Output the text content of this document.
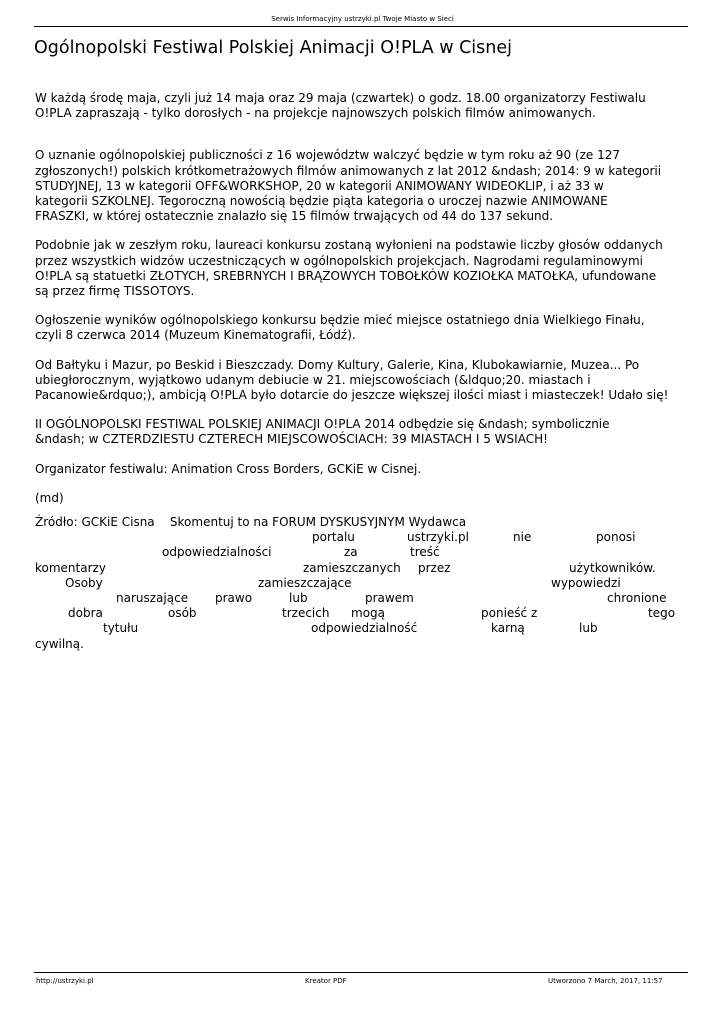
Serwis Informacyjny ustrzyki.pl Twoje Miasto w Sieci
Ogólnopolski Festiwal Polskiej Animacji O!PLA w Cisnej

W każdą środę maja, czyli już 14 maja oraz 29 maja (czwartek) o godz. 18.00 organizatorzy Festiwalu
O!PLA zapraszają - tylko dorosłych - na projekcje najnowszych polskich filmów animowanych.

O uznanie ogólnopolskiej publiczności z 16 województw walczyć będzie w tym roku aż 90 (ze 127
zgłoszonych!) polskich krótkometrażowych filmów animowanych z lat 2012 &ndash; 2014: 9 w kategorii
STUDYJNEJ, 13 w kategorii OFF&WORKSHOP, 20 w kategorii ANIMOWANY WIDEOKLIP, i aż 33 w
kategorii SZKOLNEJ. Tegoroczną nowością będzie piąta kategoria o uroczej nazwie ANIMOWANE
FRASZKI, w której ostatecznie znalazło się 15 filmów trwających od 44 do 137 sekund.

Podobnie jak w zeszłym roku, laureaci konkursu zostaną wyłonieni na podstawie liczby głosów oddanych
przez wszystkich widzów uczestniczących w ogólnopolskich projekcjach. Nagrodami regulaminowymi
O!PLA są statuetki ZŁOTYCH, SREBRNYCH I BRĄZOWYCH TOBOŁKÓW KOZIOŁKA MATOŁKA, ufundowane
są przez firmę TISSOTOYS.

Ogłoszenie wyników ogólnopolskiego konkursu będzie mieć miejsce ostatniego dnia Wielkiego Finału,
czyli 8 czerwca 2014 (Muzeum Kinematografii, Łódź).

Od Bałtyku i Mazur, po Beskid i Bieszczady. Domy Kultury, Galerie, Kina, Klubokawiarnie, Muzea... Po
ubiegłorocznym, wyjątkowo udanym debiucie w 21. miejscowościach (&ldquo;20. miastach i
Pacanowie&rdquo;), ambicją O!PLA było dotarcie do jeszcze większej ilości miast i miasteczek! Udało się!

II OGÓLNOPOLSKI FESTIWAL POLSKIEJ ANIMACJI O!PLA 2014 odbędzie się &ndash; symbolicznie
&ndash; w CZTERDZIESTU CZTERECH MIEJSCOWOŚCIACH: 39 MIASTACH I 5 WSIACH!

Organizator festiwalu: Animation Cross Borders, GCKiE w Cisnej.

(md)

Źródło: GCKiE Cisna    Skomentuj to na FORUM DYSKUSYJNYM Wydawca
portalu	ustrzyki.pl	nie	ponosi
odpowiedzialności	za	treść
komentarzy	zamieszczanych przez	użytkowników.
Osoby	zamieszczające	wypowiedzi
naruszające prawo	lub	prawem	chronione
dobra	osób	trzecich mogą	ponieść z	tego
tytułu	odpowiedzialność	karną	lub
cywilną.
http://ustrzyki.pl	Kreator PDF	Utworzono 7 March, 2017, 11:57
